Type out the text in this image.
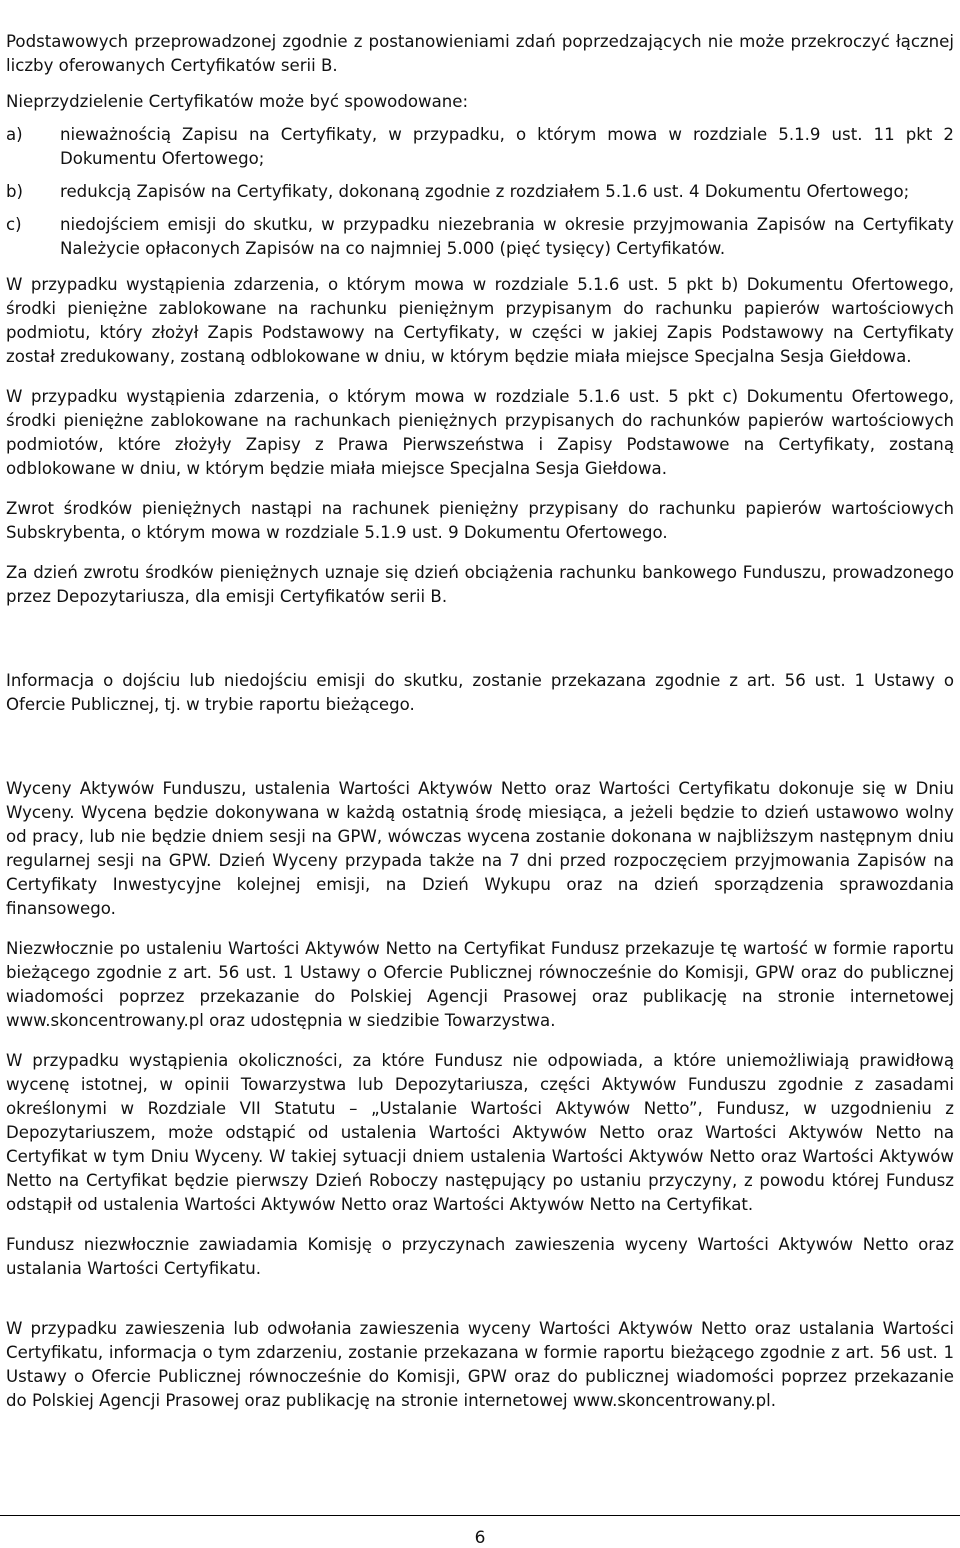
Podstawowych przeprowadzonej zgodnie z postanowieniami zdań poprzedzających nie może przekroczyć łącznej liczby oferowanych Certyfikatów serii B.

Nieprzydzielenie Certyfikatów może być spowodowane:

a)	nieważnością Zapisu na Certyfikaty, w przypadku, o którym mowa w rozdziale 5.1.9 ust. 11 pkt 2 Dokumentu Ofertowego;
b)	redukcją Zapisów na Certyfikaty, dokonaną zgodnie z rozdziałem 5.1.6 ust. 4 Dokumentu Ofertowego;
c)	niedojściem emisji do skutku, w przypadku niezebrania w okresie przyjmowania Zapisów na Certyfikaty Należycie opłaconych Zapisów na co najmniej 5.000 (pięć tysięcy) Certyfikatów.

W przypadku wystąpienia zdarzenia, o którym mowa w rozdziale 5.1.6 ust. 5 pkt b) Dokumentu Ofertowego, środki pieniężne zablokowane na rachunku pieniężnym przypisanym do rachunku papierów wartościowych podmiotu, który złożył Zapis Podstawowy na Certyfikaty, w części w jakiej Zapis Podstawowy na Certyfikaty został zredukowany, zostaną odblokowane w dniu, w którym będzie miała miejsce Specjalna Sesja Giełdowa.

W przypadku wystąpienia zdarzenia, o którym mowa w rozdziale 5.1.6 ust. 5 pkt c) Dokumentu Ofertowego, środki pieniężne zablokowane na rachunkach pieniężnych przypisanych do rachunków papierów wartościowych podmiotów, które złożyły Zapisy z Prawa Pierwszeństwa i Zapisy Podstawowe na Certyfikaty, zostaną odblokowane w dniu, w którym będzie miała miejsce Specjalna Sesja Giełdowa.

Zwrot środków pieniężnych nastąpi na rachunek pieniężny przypisany do rachunku papierów wartościowych Subskrybenta, o którym mowa w rozdziale 5.1.9 ust. 9 Dokumentu Ofertowego.

Za dzień zwrotu środków pieniężnych uznaje się dzień obciążenia rachunku bankowego Funduszu, prowadzonego przez Depozytariusza, dla emisji Certyfikatów serii B.

Informacja o dojściu lub niedojściu emisji do skutku, zostanie przekazana zgodnie z art. 56 ust. 1 Ustawy o Ofercie Publicznej, tj. w trybie raportu bieżącego.

Wyceny Aktywów Funduszu, ustalenia Wartości Aktywów Netto oraz Wartości Certyfikatu dokonuje się w Dniu Wyceny. Wycena będzie dokonywana w każdą ostatnią środę miesiąca, a jeżeli będzie to dzień ustawowo wolny od pracy, lub nie będzie dniem sesji na GPW, wówczas wycena zostanie dokonana w najbliższym następnym dniu regularnej sesji na GPW. Dzień Wyceny przypada także na 7 dni przed rozpoczęciem przyjmowania Zapisów na Certyfikaty Inwestycyjne kolejnej emisji, na Dzień Wykupu oraz na dzień sporządzenia sprawozdania finansowego.

Niezwłocznie po ustaleniu Wartości Aktywów Netto na Certyfikat Fundusz przekazuje tę wartość w formie raportu bieżącego zgodnie z art. 56 ust. 1 Ustawy o Ofercie Publicznej równocześnie do Komisji, GPW oraz do publicznej wiadomości poprzez przekazanie do Polskiej Agencji Prasowej oraz publikację na stronie internetowej www.skoncentrowany.pl oraz udostępnia w siedzibie Towarzystwa.

W przypadku wystąpienia okoliczności, za które Fundusz nie odpowiada, a które uniemożliwiają prawidłową wycenę istotnej, w opinii Towarzystwa lub Depozytariusza, części Aktywów Funduszu zgodnie z zasadami określonymi w Rozdziale VII Statutu – „Ustalanie Wartości Aktywów Netto”, Fundusz, w uzgodnieniu z Depozytariuszem, może odstąpić od ustalenia Wartości Aktywów Netto oraz Wartości Aktywów Netto na Certyfikat w tym Dniu Wyceny. W takiej sytuacji dniem ustalenia Wartości Aktywów Netto oraz Wartości Aktywów Netto na Certyfikat będzie pierwszy Dzień Roboczy następujący po ustaniu przyczyny, z powodu której Fundusz odstąpił od ustalenia Wartości Aktywów Netto oraz Wartości Aktywów Netto na Certyfikat.

Fundusz niezwłocznie zawiadamia Komisję o przyczynach zawieszenia wyceny Wartości Aktywów Netto oraz ustalania Wartości Certyfikatu.

W przypadku zawieszenia lub odwołania zawieszenia wyceny Wartości Aktywów Netto oraz ustalania Wartości Certyfikatu, informacja o tym zdarzeniu, zostanie przekazana w formie raportu bieżącego zgodnie z art. 56 ust. 1 Ustawy o Ofercie Publicznej równocześnie do Komisji, GPW oraz do publicznej wiadomości poprzez przekazanie do Polskiej Agencji Prasowej oraz publikację na stronie internetowej www.skoncentrowany.pl.

6
